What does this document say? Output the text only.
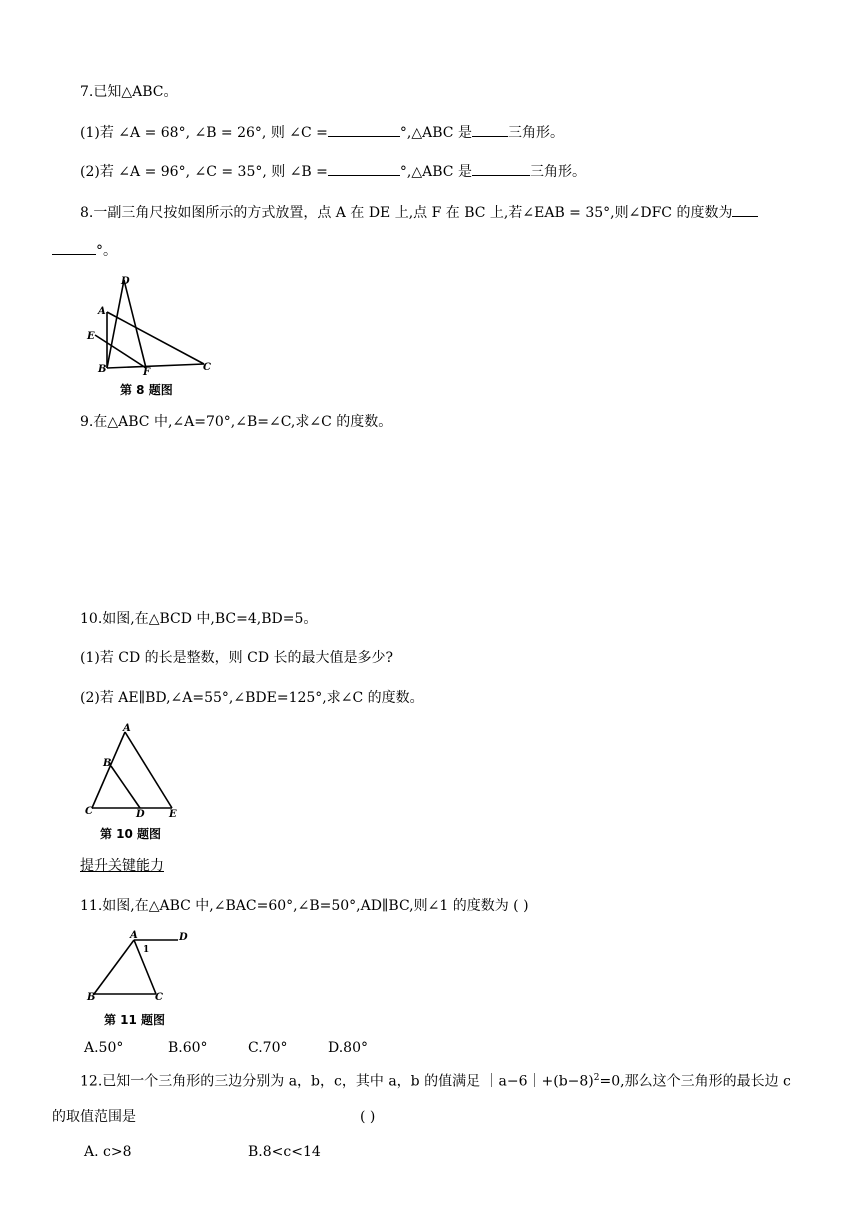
7.已知△ABC。
(1)若 ∠A = 68°, ∠B = 26°, 则 ∠C =	°,△ABC 是	三角形。
(2)若 ∠A = 96°, ∠C = 35°, 则 ∠B =	°,△ABC 是	三角形。
8.一副三角尺按如图所示的方式放置，点 A 在 DE 上,点 F 在 BC 上,若∠EAB = 35°,则∠DFC 的度数为
°。
D
A
E
B	F	C
第 8 题图
9.在△ABC 中,∠A=70°,∠B=∠C,求∠C 的度数。
10.如图,在△BCD 中,BC=4,BD=5。
(1)若 CD 的长是整数，则 CD 长的最大值是多少?
(2)若 AE∥BD,∠A=55°,∠BDE=125°,求∠C 的度数。
A
B
C	D E
第 10 题图
提升关键能力
11.如图,在△ABC 中,∠BAC=60°,∠B=50°,AD∥BC,则∠1 的度数为 ( )
A	D
1
B	C
第 11 题图
A.50°	B.60°	C.70°	D.80°
12.已知一个三角形的三边分别为 a，b，c，其中 a，b 的值满足 $|a-6|+(b-8)^2=0$,那么这个三角形的最长边 c
的取值范围是	( )
A. c>8	B.8<c<14
